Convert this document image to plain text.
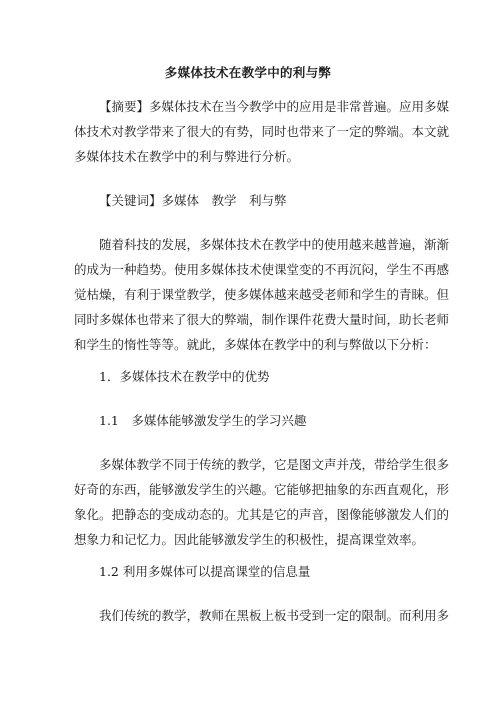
多媒体技术在教学中的利与弊
【摘要】多媒体技术在当今教学中的应用是非常普遍。应用多媒
体技术对教学带来了很大的有势，同时也带来了一定的弊端。本文就
多媒体技术在教学中的利与弊进行分析。
【关键词】多媒体　教学　利与弊
随着科技的发展，多媒体技术在教学中的使用越来越普遍，渐渐
的成为一种趋势。使用多媒体技术使课堂变的不再沉闷，学生不再感
觉枯燥，有利于课堂教学，使多媒体越来越受老师和学生的青睐。但
同时多媒体也带来了很大的弊端，制作课件花费大量时间，助长老师
和学生的惰性等等。就此，多媒体在教学中的利与弊做以下分析：
1．多媒体技术在教学中的优势
1.1　多媒体能够激发学生的学习兴趣
多媒体教学不同于传统的教学，它是图文声并茂，带给学生很多
好奇的东西，能够激发学生的兴趣。它能够把抽象的东西直观化，形
象化。把静态的变成动态的。尤其是它的声音，图像能够激发人们的
想象力和记忆力。因此能够激发学生的积极性，提高课堂效率。
1.2 利用多媒体可以提高课堂的信息量
我们传统的教学，教师在黑板上板书受到一定的限制。而利用多
